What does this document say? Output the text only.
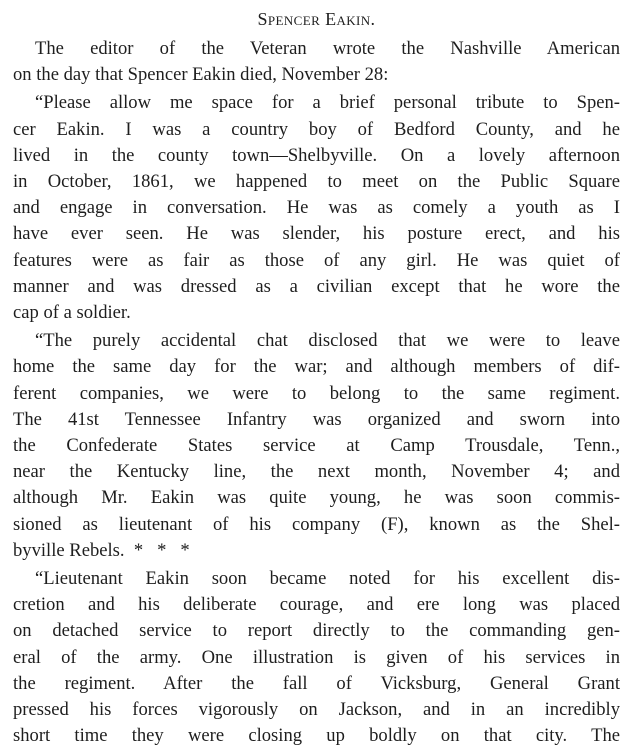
Spencer Eakin.
The editor of the Veteran wrote the Nashville American
on the day that Spencer Eakin died, November 28:
“Please allow me space for a brief personal tribute to Spen-
cer Eakin. I was a country boy of Bedford County, and he
lived in the county town—Shelbyville. On a lovely afternoon
in October, 1861, we happened to meet on the Public Square
and engage in conversation. He was as comely a youth as I
have ever seen. He was slender, his posture erect, and his
features were as fair as those of any girl. He was quiet of
manner and was dressed as a civilian except that he wore the
cap of a soldier.
“The purely accidental chat disclosed that we were to leave
home the same day for the war; and although members of dif-
ferent companies, we were to belong to the same regiment.
The 41st Tennessee Infantry was organized and sworn into
the Confederate States service at Camp Trousdale, Tenn.,
near the Kentucky line, the next month, November 4; and
although Mr. Eakin was quite young, he was soon commis-
sioned as lieutenant of his company (F), known as the Shel-
byville Rebels.  *   *   *
“Lieutenant Eakin soon became noted for his excellent dis-
cretion and his deliberate courage, and ere long was placed
on detached service to report directly to the commanding gen-
eral of the army. One illustration is given of his services in
the regiment. After the fall of Vicksburg, General Grant
pressed his forces vigorously on Jackson, and in an incredibly
short time they were closing up boldly on that city. The
